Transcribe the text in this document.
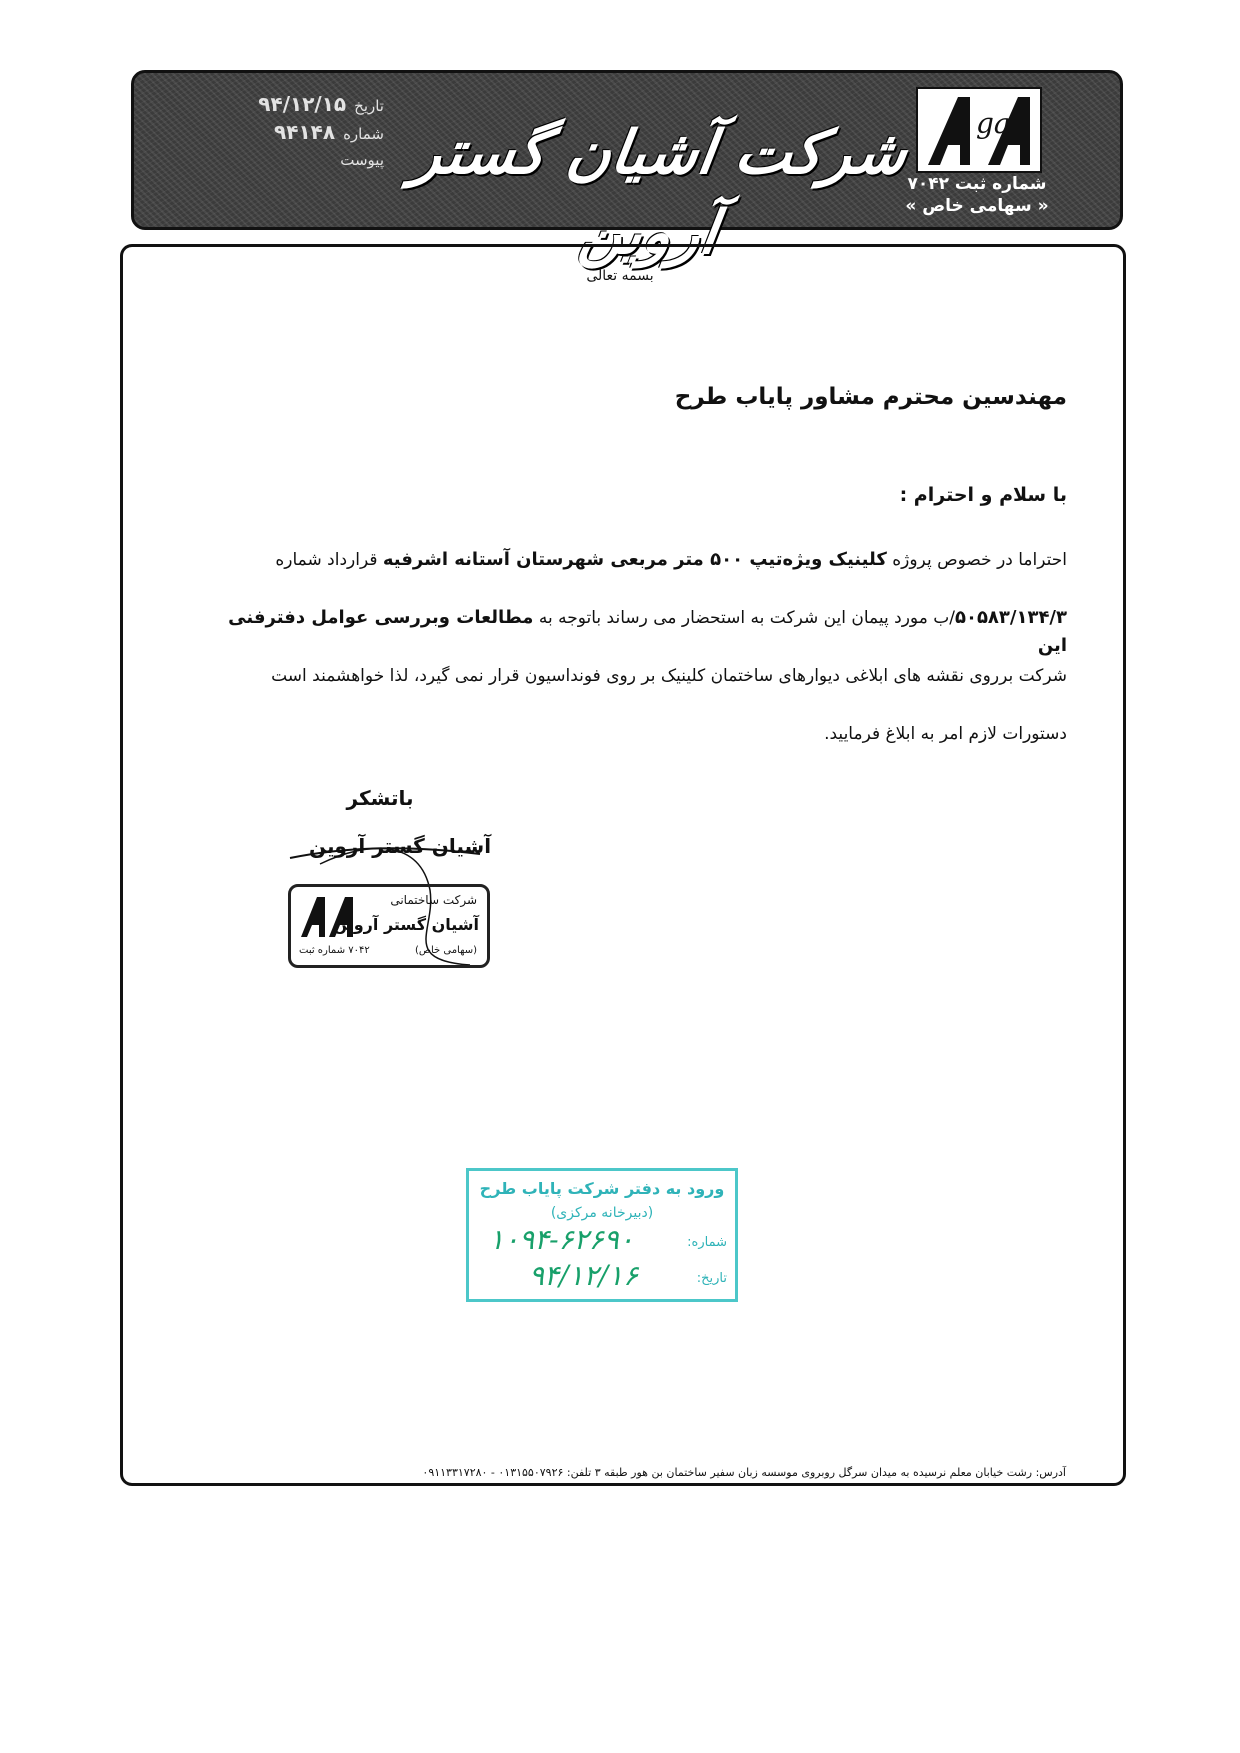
تاریخ۹۴/۱۲/۱۵
شماره۹۴۱۴۸
پیوست شرکت آشیان گستر آروین
ga
شماره ثبت ۷۰۴۲
« سهامی خاص »
بسمه تعالی
مهندسین محترم مشاور پایاب طرح
با سلام و احترام :
احتراما در خصوص پروژه کلینیک ویژه‌تیپ ۵۰۰ متر مربعی شهرستان آستانه اشرفیه قرارداد شماره
۵۰۵۸۳/۱۳۴/۳/ب مورد پیمان این شرکت به استحضار می رساند باتوجه به مطالعات وبررسی عوامل دفترفنی این
شرکت برروی نقشه های ابلاغی دیوارهای ساختمان کلینیک بر روی فونداسیون قرار نمی گیرد، لذا خواهشمند است
دستورات لازم امر به ابلاغ فرمایید.
باتشکر
آشیان گستر آروین
شرکت ساختمانی
آشیان گستر آروین
(سهامی خاص)
۷۰۴۲ شماره ثبت
ورود به دفتر شرکت پایاب طرح
(دبیرخانه مرکزی)
شماره:
۱۰۹۴-۶۲۶۹۰
تاریخ:
۹۴/۱۲/۱۶
آدرس: رشت خیابان معلم نرسیده به میدان سرگل روبروی موسسه زبان سفیر ساختمان بن هور طبقه ۳ تلفن: ۰۱۳۱۵۵۰۷۹۲۶ - ۰۹۱۱۳۳۱۷۲۸۰
